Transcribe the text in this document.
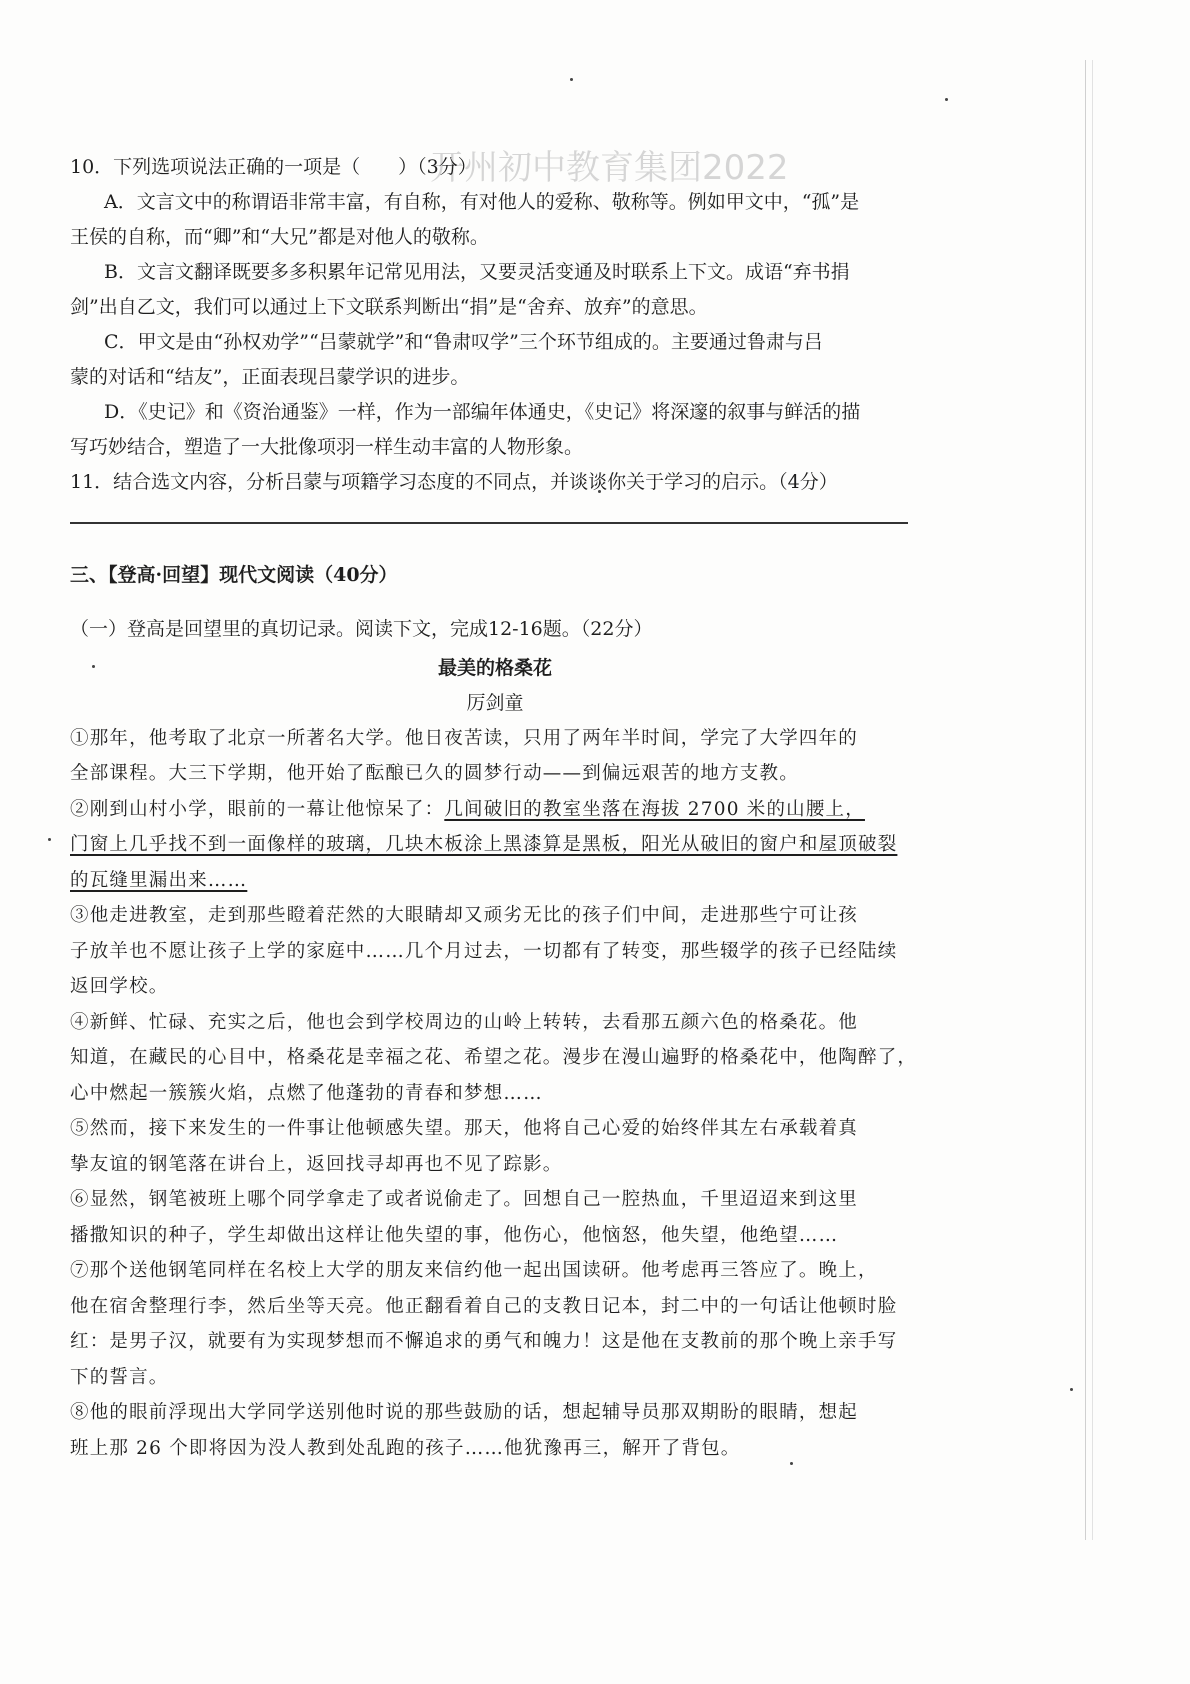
开州初中教育集团2022

10．下列选项说法正确的一项是（　　）（3分）

A．文言文中的称谓语非常丰富，有自称，有对他人的爱称、敬称等。例如甲文中，“孤”是

王侯的自称，而“卿”和“大兄”都是对他人的敬称。

B．文言文翻译既要多多积累年记常见用法，又要灵活变通及时联系上下文。成语“弃书捐

剑”出自乙文，我们可以通过上下文联系判断出“捐”是“舍弃、放弃”的意思。

C．甲文是由“孙权劝学”“吕蒙就学”和“鲁肃叹学”三个环节组成的。主要通过鲁肃与吕

蒙的对话和“结友”，正面表现吕蒙学识的进步。

D．《史记》和《资治通鉴》一样，作为一部编年体通史，《史记》将深邃的叙事与鲜活的描

写巧妙结合，塑造了一大批像项羽一样生动丰富的人物形象。

11．结合选文内容，分析吕蒙与项籍学习态度的不同点，并谈谈你关于学习的启示。（4分）

三、【登高·回望】现代文阅读（40分）

（一）登高是回望里的真切记录。阅读下文，完成12-16题。（22分）

最美的格桑花
厉剑童

①那年，他考取了北京一所著名大学。他日夜苦读，只用了两年半时间，学完了大学四年的

全部课程。大三下学期，他开始了酝酿已久的圆梦行动——到偏远艰苦的地方支教。

②刚到山村小学，眼前的一幕让他惊呆了：几间破旧的教室坐落在海拔 2700 米的山腰上，

门窗上几乎找不到一面像样的玻璃，几块木板涂上黑漆算是黑板，阳光从破旧的窗户和屋顶破裂

的瓦缝里漏出来……

③他走进教室，走到那些瞪着茫然的大眼睛却又顽劣无比的孩子们中间，走进那些宁可让孩

子放羊也不愿让孩子上学的家庭中……几个月过去，一切都有了转变，那些辍学的孩子已经陆续

返回学校。

④新鲜、忙碌、充实之后，他也会到学校周边的山岭上转转，去看那五颜六色的格桑花。他

知道，在藏民的心目中，格桑花是幸福之花、希望之花。漫步在漫山遍野的格桑花中，他陶醉了，

心中燃起一簇簇火焰，点燃了他蓬勃的青春和梦想……

⑤然而，接下来发生的一件事让他顿感失望。那天，他将自己心爱的始终伴其左右承载着真

挚友谊的钢笔落在讲台上，返回找寻却再也不见了踪影。

⑥显然，钢笔被班上哪个同学拿走了或者说偷走了。回想自己一腔热血，千里迢迢来到这里

播撒知识的种子，学生却做出这样让他失望的事，他伤心，他恼怒，他失望，他绝望……

⑦那个送他钢笔同样在名校上大学的朋友来信约他一起出国读研。他考虑再三答应了。晚上，

他在宿舍整理行李，然后坐等天亮。他正翻看着自己的支教日记本，封二中的一句话让他顿时脸

红：是男子汉，就要有为实现梦想而不懈追求的勇气和魄力！这是他在支教前的那个晚上亲手写

下的誓言。

⑧他的眼前浮现出大学同学送别他时说的那些鼓励的话，想起辅导员那双期盼的眼睛，想起

班上那 26 个即将因为没人教到处乱跑的孩子……他犹豫再三，解开了背包。
